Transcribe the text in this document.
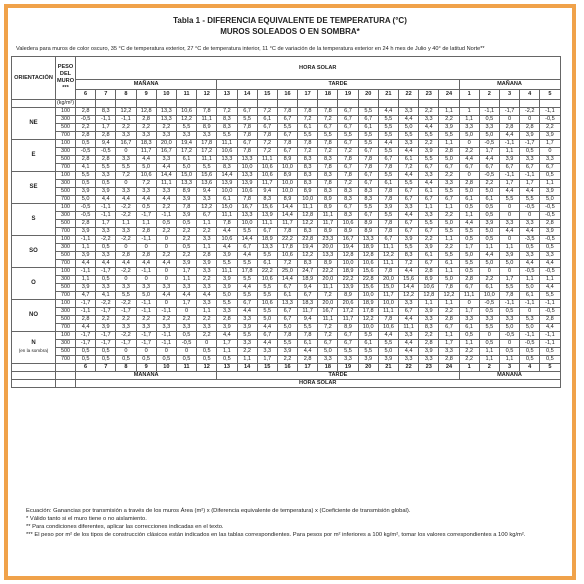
Tabla 1 - DIFERENCIA EQUIVALENTE DE TEMPERATURA (°C)
MUROS SOLEADOS O EN SOMBRA*
Valedera para muros de color oscuro, 35 °C de temperatura exterior, 27 °C de temperatura interior, 11 °C de variación de la temperatura exterior en 24 h mes de Julio y 40° de latitud Norte**
ORIENTACIÓN	PESO DEL MURO ***	HORA SOLAR																							
		MAÑANA							TARDE												MAÑANA				
		6	7	8	9	10	11	12	13	14	15	16	17	18	19	20	21	22	23	24	1	2	3	4	5
	(kg/m²)																								
NE	100	2,8	8,3	12,2	12,8	13,3	10,6	7,8	7,2	6,7	7,2	7,8	7,8	7,8	6,7	5,5	4,4	3,3	2,2	1,1	1	-1,1	-1,7	-2,2	-1,1
	300	-0,5	-1,1	-1,1	2,8	13,3	12,2	11,1	8,3	5,5	6,1	6,7	7,2	7,2	6,7	6,7	5,5	4,4	3,3	2,2	1,1	0,5	0	0	-0,5
	500	2,2	1,7	2,2	2,2	2,2	5,5	8,9	8,3	7,8	6,7	5,5	6,1	6,7	6,7	6,1	5,5	5,0	4,4	3,9	3,3	3,3	2,8	2,8	2,2
	700	2,8	2,8	3,3	3,3	3,3	3,3	3,3	5,5	7,8	7,8	6,7	5,5	5,5	5,5	5,5	5,5	5,5	5,5	5,5	5,0	5,0	4,4	3,9	3,9
E	100	0,5	9,4	16,7	18,3	20,0	19,4	17,8	11,1	6,7	7,2	7,8	7,8	7,8	6,7	5,5	4,4	3,3	2,2	1,1	0	-0,5	-1,1	-1,7	1,7
	300	-0,5	-0,5	0	11,7	16,7	17,2	17,2	10,6	7,8	7,2	6,7	7,2	7,2	7,2	6,7	5,5	4,4	3,9	2,8	2,2	1,7	1,1	0,5	0
	500	2,8	2,8	3,3	4,4	3,3	6,1	11,1	13,3	13,3	11,1	8,9	8,3	8,3	7,8	7,8	6,7	6,1	5,5	5,0	4,4	4,4	3,9	3,3	3,3
	700	4,1	5,5	5,5	5,0	4,4	5,0	5,5	8,3	10,0	10,6	10,0	8,3	7,8	6,7	7,8	7,8	7,2	6,7	6,7	6,7	6,7	6,7	6,7	6,7
SE	100	5,5	3,3	7,2	10,6	14,4	15,0	15,6	14,4	13,3	10,6	8,9	8,3	8,3	7,8	6,7	5,5	4,4	3,3	2,2	0	-0,5	-1,1	-1,1	0,5
	300	0,5	0,5	0	7,2	11,1	13,3	13,6	13,9	13,9	11,7	10,0	8,3	7,8	7,2	6,7	6,1	5,5	4,4	3,3	2,8	2,2	1,7	1,7	1,1
	500	3,9	3,9	3,3	3,3	3,3	8,9	9,4	10,0	10,6	9,4	10,0	8,9	8,3	8,3	8,3	7,8	6,7	6,1	5,5	5,0	5,0	4,4	4,4	3,9
	700	5,0	4,4	4,4	4,4	4,4	3,9	3,3	6,1	7,8	8,3	8,9	10,0	8,9	8,3	8,3	7,8	6,7	6,7	6,7	6,1	6,1	5,5	5,5	5,0
S	100	-0,5	-1,1	-2,2	0,5	2,2	7,8	12,2	15,0	16,7	15,6	14,4	11,1	8,9	6,7	5,5	3,9	3,3	1,1	1,1	0,5	0,5	0	-0,5	-0,5
	300	-0,5	-1,1	-2,2	-1,7	-1,1	3,9	6,7	11,1	13,3	13,9	14,4	12,8	11,1	8,3	6,7	5,5	4,4	3,3	2,2	1,1	0,5	0	0	-0,5
	500	2,8	1,7	1,1	1,1	0,5	0,5	1,1	7,8	10,0	11,1	11,7	12,2	11,7	10,6	8,9	7,8	6,7	5,5	5,0	4,4	3,9	3,3	3,3	2,8
	700	3,9	3,3	3,3	2,8	2,2	2,2	2,2	4,4	5,5	6,7	7,8	8,3	8,9	8,9	8,9	7,8	6,7	6,7	5,5	5,5	5,0	4,4	4,4	3,9
SO	100	-1,1	-2,2	-2,2	-1,1	0	2,2	3,3	10,6	14,4	18,9	22,2	22,8	23,3	16,7	13,3	6,7	3,9	2,2	1,1	0,5	0,5	0	-3,5	-0,5
	300	1,1	0,5	0	0	0	0,5	1,1	4,4	6,7	13,3	17,8	19,4	20,0	19,4	18,9	11,1	5,5	3,9	2,2	1,7	1,1	1,1	0,5	0,5
	500	3,9	3,3	2,8	2,8	2,2	2,2	2,8	3,9	4,4	5,5	10,6	12,2	13,3	12,8	12,8	12,2	8,3	6,1	5,5	5,0	4,4	3,9	3,3	3,3
	700	4,4	4,4	4,4	4,4	4,4	3,9	3,9	5,5	5,5	6,1	7,2	8,3	8,9	10,0	10,6	11,1	7,2	6,7	6,1	5,5	5,0	5,0	4,4	4,4
O	100	-1,1	-1,7	-2,2	-1,1	0	1,7	3,3	11,1	17,8	22,2	25,0	24,7	22,2	18,9	15,6	7,8	4,4	2,8	1,1	0,5	0	0	-0,5	-0,5
	300	1,1	0,5	0	0	0	1,1	2,2	3,9	5,5	10,6	14,4	18,9	20,0	22,2	22,8	20,0	15,6	8,9	5,0	2,8	2,2	1,7	1,1	1,1
	500	3,9	3,3	3,3	3,3	3,3	3,3	3,3	3,9	4,4	5,5	6,7	9,4	11,1	13,9	15,6	15,0	14,4	10,6	7,8	6,7	6,1	5,5	5,0	4,4
	700	4,7	4,1	5,5	5,0	4,4	4,4	4,4	5,0	5,5	5,5	6,1	6,7	7,2	8,9	10,0	11,7	12,2	12,8	12,2	11,1	10,0	7,8	6,1	5,5
NO	100	-1,7	-2,2	-2,2	-1,1	0	1,7	3,3	5,5	6,7	10,6	13,3	18,3	20,0	20,6	18,9	10,0	3,3	1,1	1,1	0	-0,5	-1,1	-1,1	-1,1
	300	-1,1	-1,7	-1,7	-1,1	-1,1	0	1,1	3,3	4,4	5,5	6,7	11,7	16,7	17,2	17,8	11,1	6,7	3,9	2,2	1,7	0,5	0,5	0	-0,5
	500	2,8	2,2	2,2	2,2	2,2	2,2	2,2	2,8	3,3	5,0	6,7	9,4	11,1	11,7	12,2	7,8	4,4	3,3	2,8	3,3	3,3	3,3	5,3	2,8
	700	4,4	3,9	3,3	3,3	3,3	3,3	3,3	3,9	3,9	4,4	5,0	5,5	7,2	8,9	10,0	10,6	11,1	8,3	6,7	6,1	5,5	5,0	5,0	4,4
N
(en la sombra)	100	-1,7	-1,7	-2,2	-1,7	-1,1	0,5	2,2	4,4	5,5	6,7	7,8	7,8	7,2	6,7	5,5	4,4	3,3	2,2	1,1	0,5	0	-0,5	-1,1	-1,1
	300	-1,7	-1,7	-1,7	-1,7	-1,1	-0,5	0	1,7	3,3	4,4	5,5	6,1	6,7	6,7	6,1	5,5	4,4	2,8	1,7	1,1	0,5	0	-0,5	-1,1
	500	0,5	0,5	0	0	0	0	0,5	1,1	2,2	3,3	3,9	4,4	5,0	5,5	5,5	5,0	4,4	3,9	3,3	2,2	1,1	0,5	0,5	0,5
	700	0,5	0,5	0,5	0,5	0,5	0,5	0,5	0,5	1,1	1,7	2,2	2,8	3,3	3,3	3,9	3,9	3,3	3,3	2,8	2,2	1,1	1,1	0,5	0,5
		6	7	8	9	10	11	12	13	14	15	16	17	18	19	20	21	22	23	24	1	2	3	4	5
		MAÑANA							TARDE												MAÑANA				
		HORA SOLAR																							
Ecuación: Ganancias por transmisión a través de los muros Área (m²) x (Diferencia equivalente de temperatura) x (Coeficiente de transmisión global).
* Válido tanto si el muro tiene o no aislamiento.
** Para condiciones diferentes, aplicar las correcciones indicadas en el texto.
*** El peso por m² de los tipos de construcción clásicos están indicados en las tablas correspondientes. Para pesos por m² inferiores a 100 kg/m², tomar los valores correspondientes a 100 kg/m².
